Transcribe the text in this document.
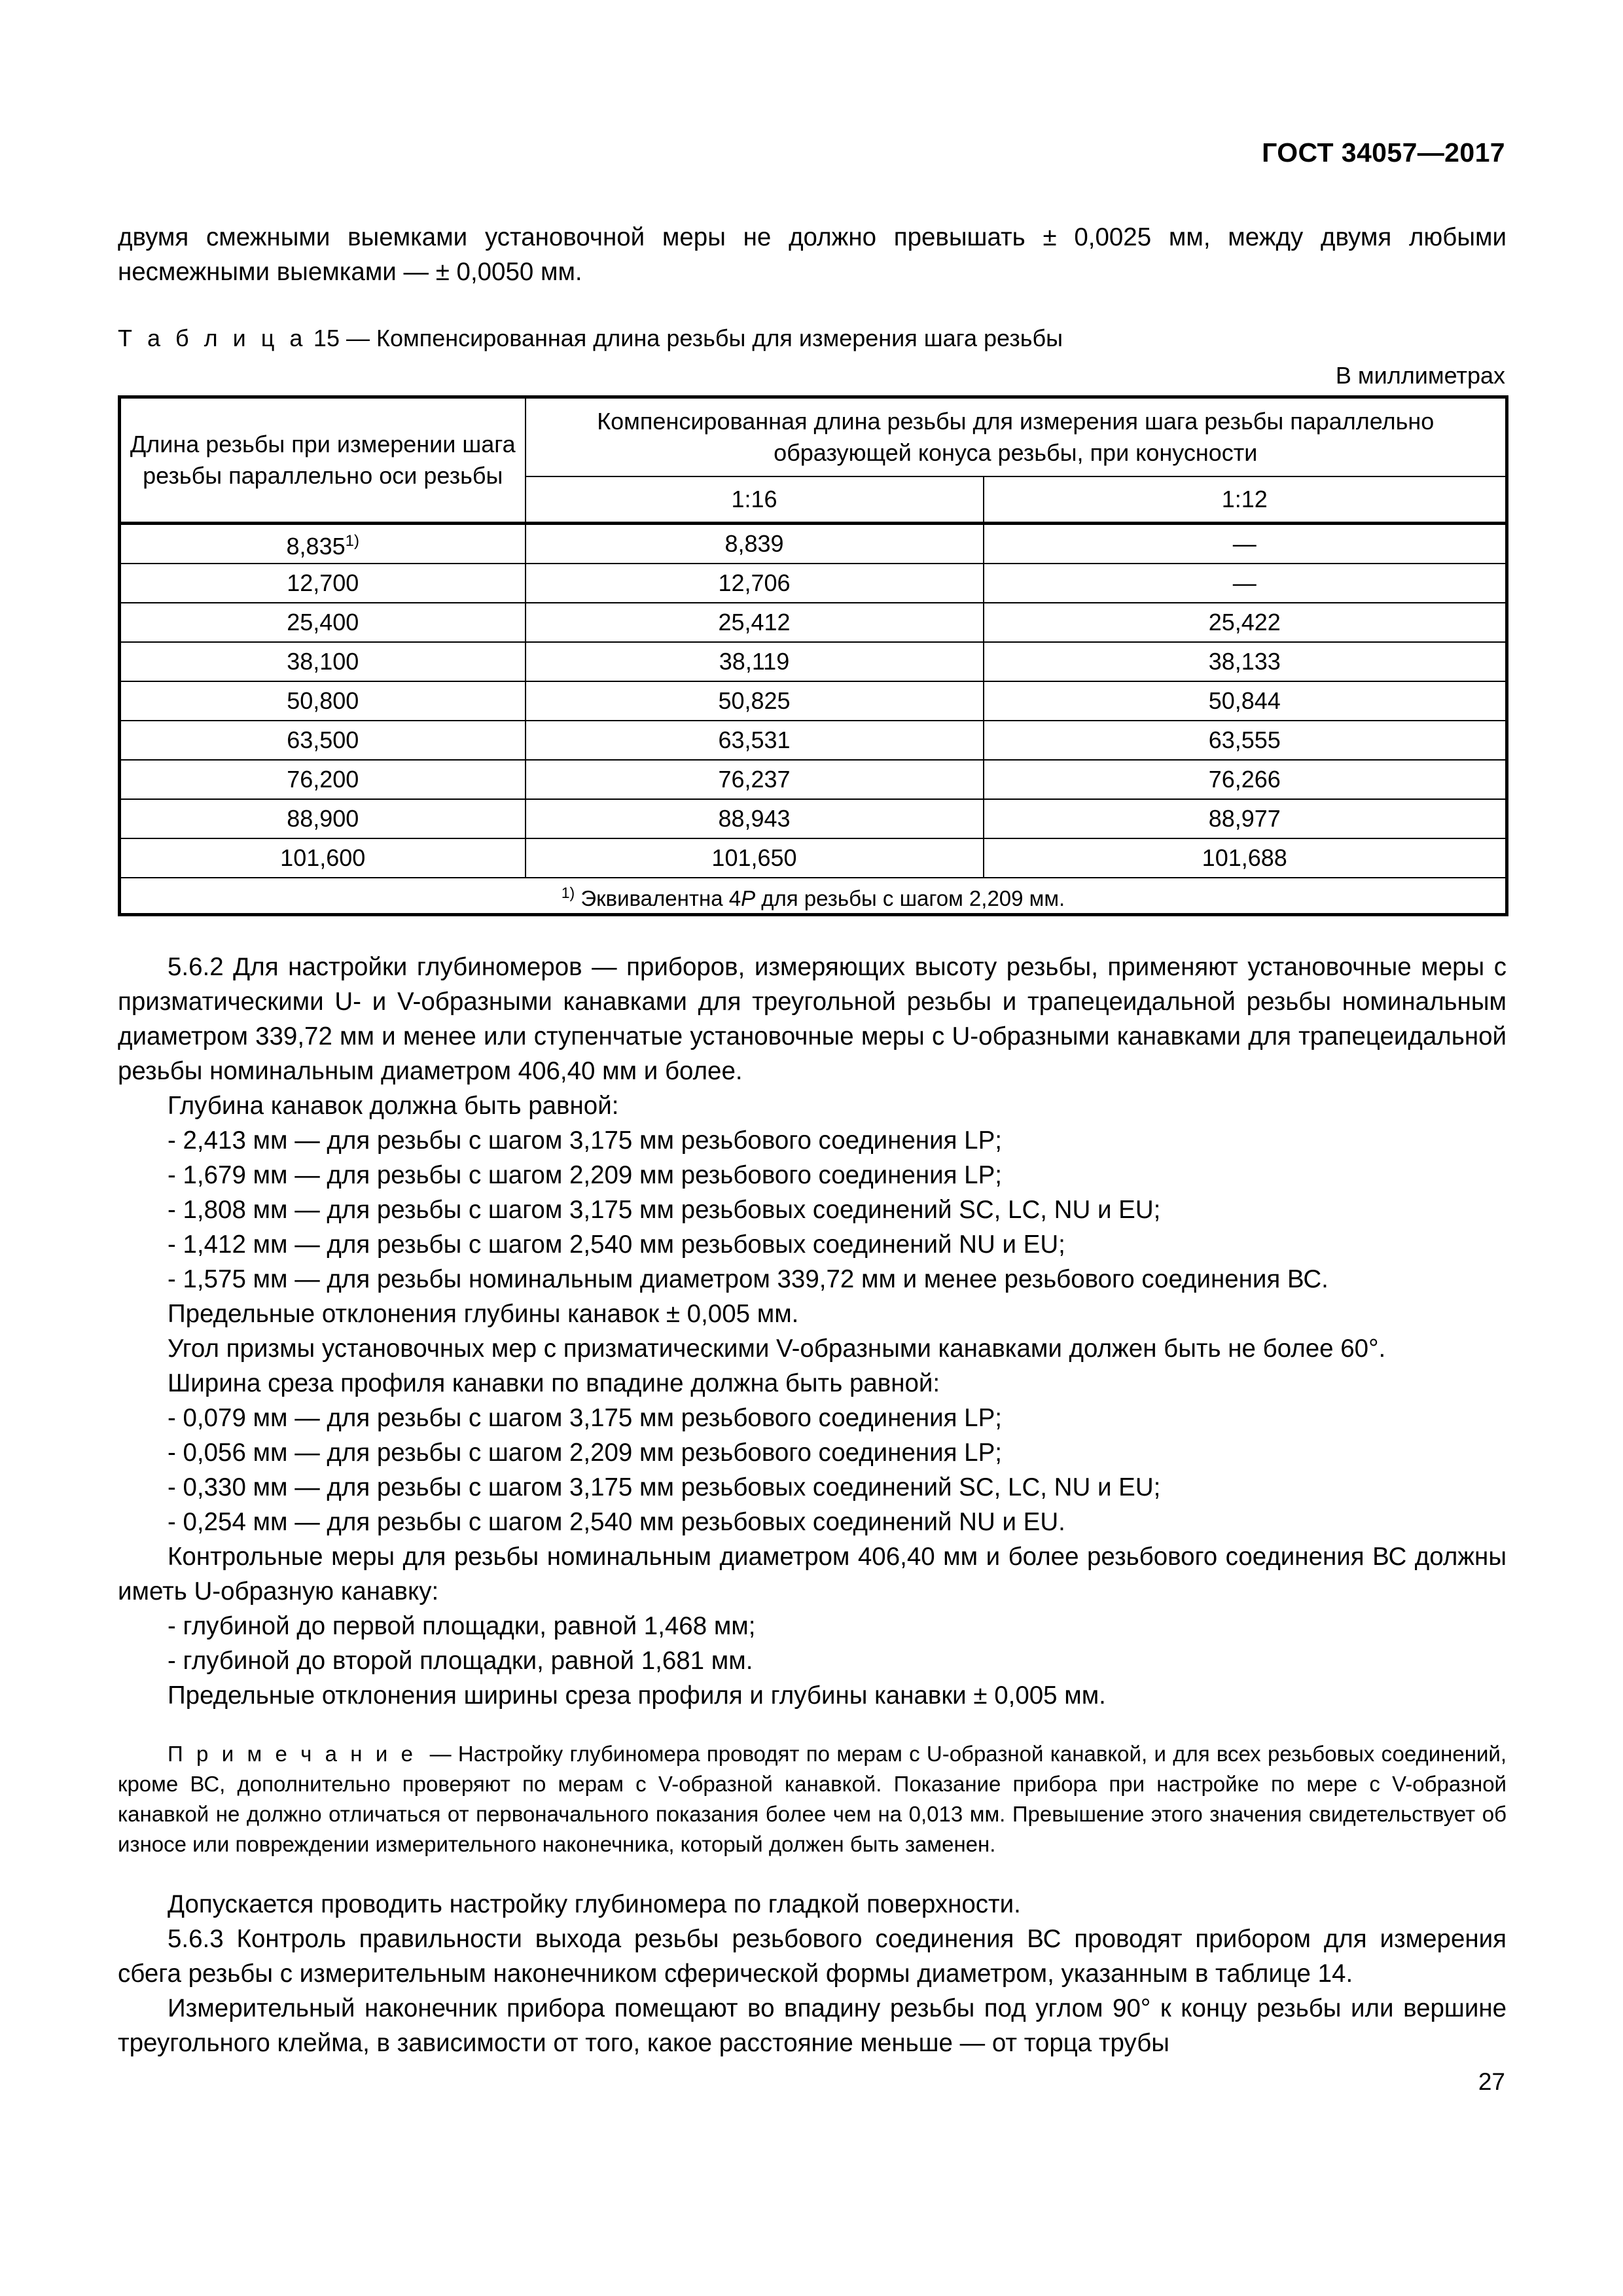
ГОСТ 34057—2017

двумя смежными выемками установочной меры не должно превышать ± 0,0025 мм, между двумя любыми несмежными выемками — ± 0,0050 мм.

Т а б л и ц а 15 — Компенсированная длина резьбы для измерения шага резьбы
В миллиметрах
Длина резьбы при измерении шага резьбы параллельно оси резьбы	Компенсированная длина резьбы для измерения шага резьбы параллельно образующей конуса резьбы, при конусности	
	1:16	1:12
8,835$^{1)}$	8,839	—
12,700	12,706	—
25,400	25,412	25,422
38,100	38,119	38,133
50,800	50,825	50,844
63,500	63,531	63,555
76,200	76,237	76,266
88,900	88,943	88,977
101,600	101,650	101,688
$^{1)}$ Эквивалентна 4P для резьбы с шагом 2,209 мм.		

5.6.2 Для настройки глубиномеров — приборов, измеряющих высоту резьбы, применяют установочные меры с призматическими U- и V-образными канавками для треугольной резьбы и трапецеидальной резьбы номинальным диаметром 339,72 мм и менее или ступенчатые установочные меры с U-образными канавками для трапецеидальной резьбы номинальным диаметром 406,40 мм и более.

Глубина канавок должна быть равной:

- 2,413 мм — для резьбы с шагом 3,175 мм резьбового соединения LP;

- 1,679 мм — для резьбы с шагом 2,209 мм резьбового соединения LP;

- 1,808 мм — для резьбы с шагом 3,175 мм резьбовых соединений SC, LC, NU и EU;

- 1,412 мм — для резьбы с шагом 2,540 мм резьбовых соединений NU и EU;

- 1,575 мм — для резьбы номинальным диаметром 339,72 мм и менее резьбового соединения ВС.

Предельные отклонения глубины канавок ± 0,005 мм.

Угол призмы установочных мер с призматическими V-образными канавками должен быть не более 60°.

Ширина среза профиля канавки по впадине должна быть равной:

- 0,079 мм — для резьбы с шагом 3,175 мм резьбового соединения LP;

- 0,056 мм — для резьбы с шагом 2,209 мм резьбового соединения LP;

- 0,330 мм — для резьбы с шагом 3,175 мм резьбовых соединений SC, LC, NU и EU;

- 0,254 мм — для резьбы с шагом 2,540 мм резьбовых соединений NU и EU.

Контрольные меры для резьбы номинальным диаметром 406,40 мм и более резьбового соединения ВС должны иметь U-образную канавку:

- глубиной до первой площадки, равной 1,468 мм;

- глубиной до второй площадки, равной 1,681 мм.

Предельные отклонения ширины среза профиля и глубины канавки ± 0,005 мм.

П р и м е ч а н и е — Настройку глубиномера проводят по мерам с U-образной канавкой, и для всех резьбовых соединений, кроме ВС, дополнительно проверяют по мерам с V-образной канавкой. Показание прибора при настройке по мере с V-образной канавкой не должно отличаться от первоначального показания более чем на 0,013 мм. Превышение этого значения свидетельствует об износе или повреждении измерительного наконечника, который должен быть заменен.

Допускается проводить настройку глубиномера по гладкой поверхности.

5.6.3 Контроль правильности выхода резьбы резьбового соединения ВС проводят прибором для измерения сбега резьбы с измерительным наконечником сферической формы диаметром, указанным в таблице 14.

Измерительный наконечник прибора помещают во впадину резьбы под углом 90° к концу резьбы или вершине треугольного клейма, в зависимости от того, какое расстояние меньше — от торца трубы

27
